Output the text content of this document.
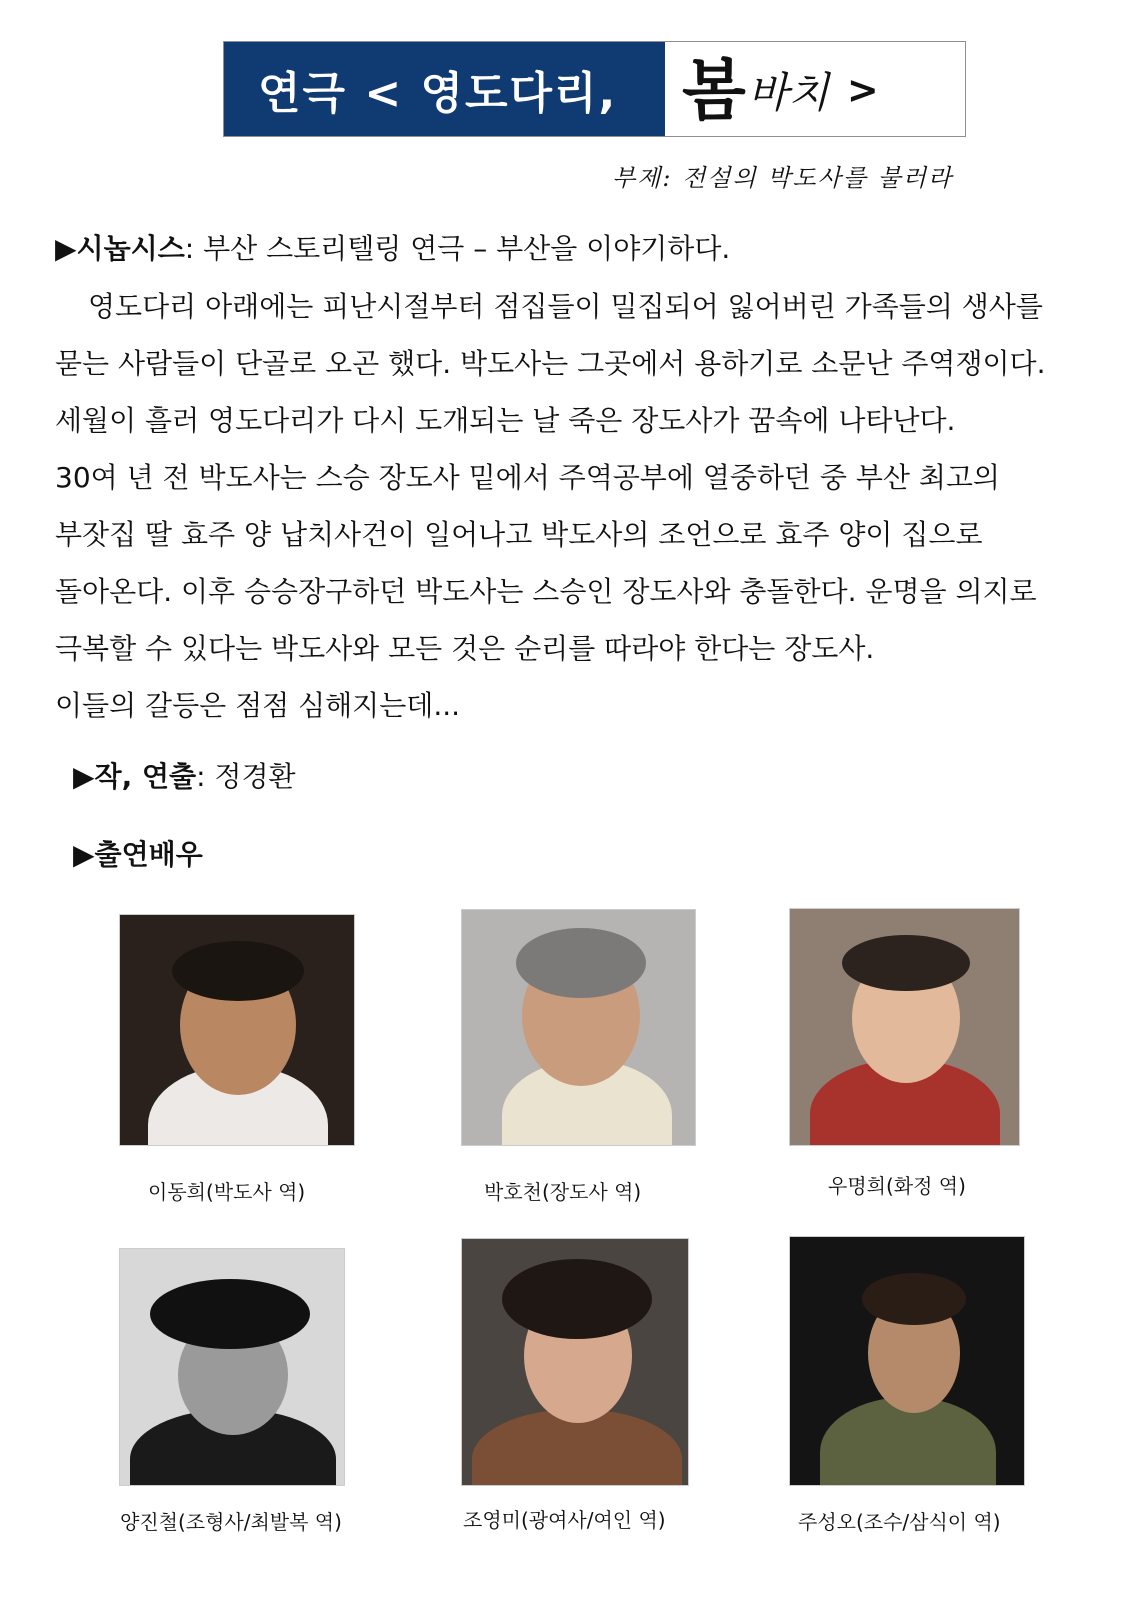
연극 < 영도다리, 봄 바치 >
부제: 전설의 박도사를 불러라
▶시놉시스: 부산 스토리텔링 연극 – 부산을 이야기하다.
영도다리 아래에는 피난시절부터 점집들이 밀집되어 잃어버린 가족들의 생사를
묻는 사람들이 단골로 오곤 했다. 박도사는 그곳에서 용하기로 소문난 주역쟁이다.
세월이 흘러 영도다리가 다시 도개되는 날 죽은 장도사가 꿈속에 나타난다.
30여 년 전 박도사는 스승 장도사 밑에서 주역공부에 열중하던 중 부산 최고의
부잣집 딸 효주 양 납치사건이 일어나고 박도사의 조언으로 효주 양이 집으로
돌아온다. 이후 승승장구하던 박도사는 스승인 장도사와 충돌한다. 운명을 의지로
극복할 수 있다는 박도사와 모든 것은 순리를 따라야 한다는 장도사.
이들의 갈등은 점점 심해지는데...
▶작, 연출: 정경환
▶출연배우
이동희(박도사 역)	박호천(장도사 역)	우명희(화정 역)
양진철(조형사/최발복 역)	조영미(광여사/여인 역)	주성오(조수/삼식이 역)
